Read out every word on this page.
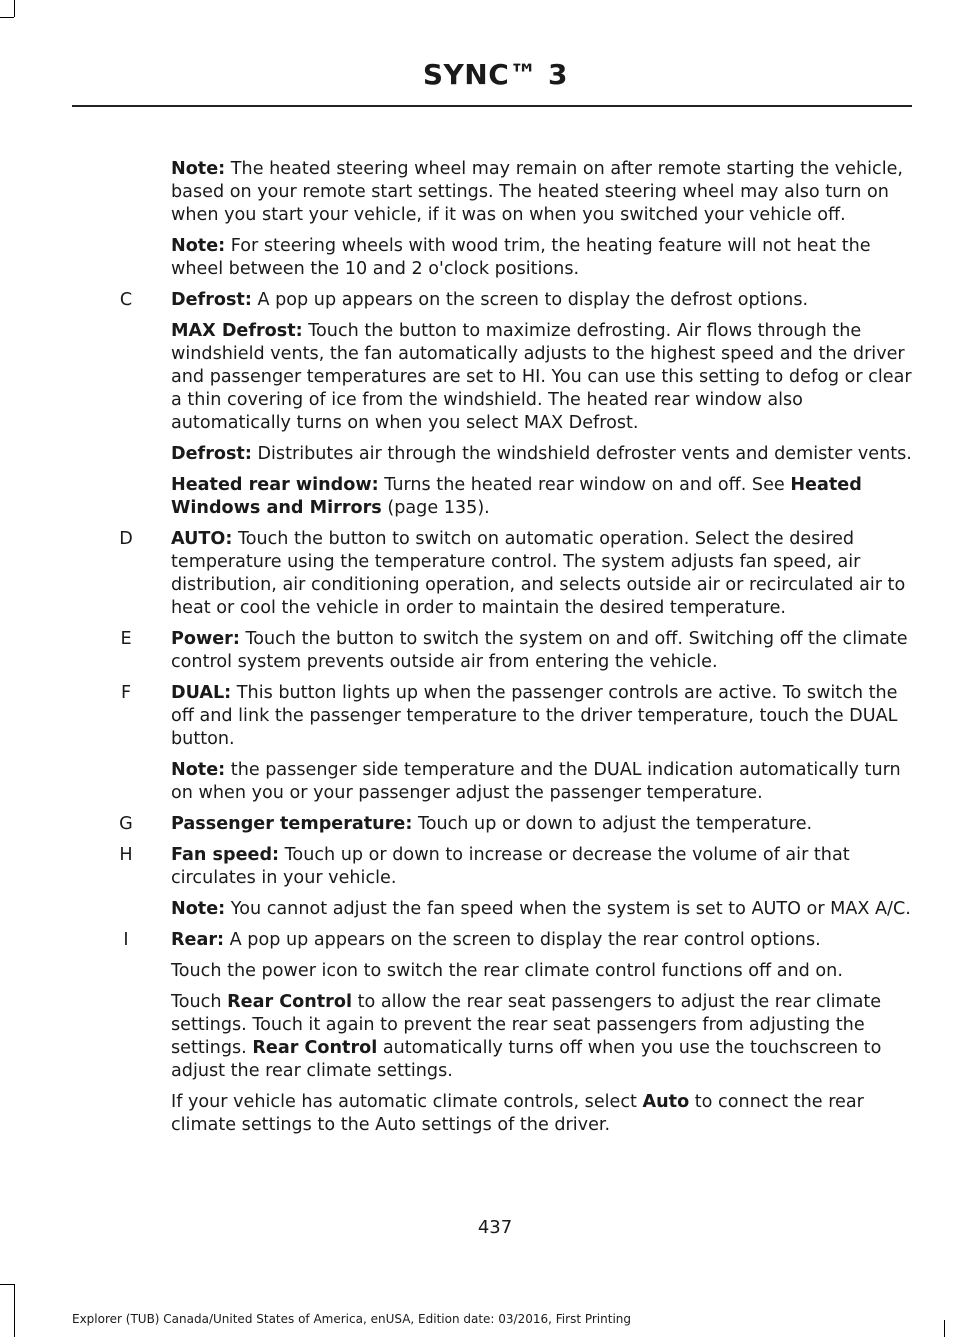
SYNC™ 3
Note: The heated steering wheel may remain on after remote starting the vehicle, based on your remote start settings. The heated steering wheel may also turn on when you start your vehicle, if it was on when you switched your vehicle off.
Note: For steering wheels with wood trim, the heating feature will not heat the wheel between the 10 and 2 o'clock positions.
C Defrost: A pop up appears on the screen to display the defrost options.
MAX Defrost: Touch the button to maximize defrosting. Air flows through the windshield vents, the fan automatically adjusts to the highest speed and the driver and passenger temperatures are set to HI. You can use this setting to defog or clear a thin covering of ice from the windshield. The heated rear window also automatically turns on when you select MAX Defrost.
Defrost: Distributes air through the windshield defroster vents and demister vents.
Heated rear window: Turns the heated rear window on and off. See Heated Windows and Mirrors (page 135).
D AUTO: Touch the button to switch on automatic operation. Select the desired temperature using the temperature control. The system adjusts fan speed, air distribution, air conditioning operation, and selects outside air or recirculated air to heat or cool the vehicle in order to maintain the desired temperature.
E Power: Touch the button to switch the system on and off. Switching off the climate control system prevents outside air from entering the vehicle.
F DUAL: This button lights up when the passenger controls are active. To switch the off and link the passenger temperature to the driver temperature, touch the DUAL button.
Note: the passenger side temperature and the DUAL indication automatically turn on when you or your passenger adjust the passenger temperature.
G Passenger temperature: Touch up or down to adjust the temperature.
H Fan speed: Touch up or down to increase or decrease the volume of air that circulates in your vehicle.
Note: You cannot adjust the fan speed when the system is set to AUTO or MAX A/C.
I	Rear: A pop up appears on the screen to display the rear control options.
Touch the power icon to switch the rear climate control functions off and on.
Touch Rear Control to allow the rear seat passengers to adjust the rear climate settings. Touch it again to prevent the rear seat passengers from adjusting the settings. Rear Control automatically turns off when you use the touchscreen to adjust the rear climate settings.
If your vehicle has automatic climate controls, select Auto to connect the rear climate settings to the Auto settings of the driver.
437
Explorer (TUB) Canada/United States of America, enUSA, Edition date: 03/2016, First Printing
